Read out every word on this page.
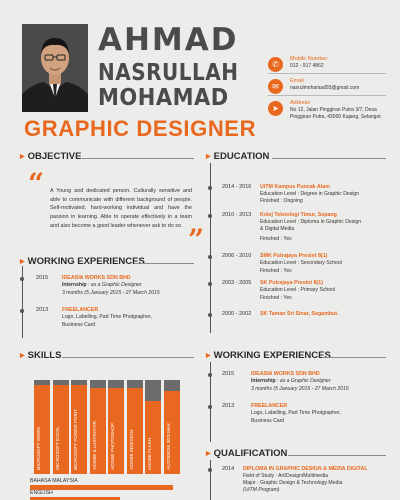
AHMAD
NASRULLAH
MOHAMAD
GRAPHIC DESIGNER
✆
Mobile Number
012 - 917 4862
✉
Email
nasrulmohamad93@gmail.com
➤
Address
No 12, Jalan Pinggiran Putra 3/7, Desa Pinggiran Putra, 43000 Kajang, Selangor.
▶ OBJECTIVE
“ A Young and dedicated person. Culturally sensitive and able to communicate with different background of people. Self-motivated, hard-working individual and have the passion in learning. Able to operate effectively in a team and also become a good leader whenever ask to do so. ”
▶ WORKING EXPERIENCES
2015	IDEASIA WORKS SDN BHD
Internship : as a Graphic Designer
3 months (5 January 2015 - 27 March 2015
2013	FREELANCER
Logo, Labelling, Part Time Photgrapher,
Business Card
▶ EDUCATION
2014 - 2016 UiTM Kampus Puncak Alam
Education Level : Degree in Graphic Design
Finished : Ongoing
2010 - 2013 Kolej Teknologi Timur, Sepang
Education Level : Diploma in Graphic Design
& Digital Media
Finished : Yes
2006 - 2010 SMK Putrajaya Presint 8(1)
Education Level : Secondary School
Finished : Yes
2003 - 2005 SK Putrajaya Presint 8(1)
Education Level : Primary School
Finished : Yes
2000 - 2002 SK Taman Sri Sinar, Segambut.
▶ SKILLS
MICROSOFT WORD	MICROSOFT EXCEL	MICROSOFT POWER POINT	ADOBE ILLUSTRATOR	ADOBE PHOTOSHOP	ADOBE INDESIGN	ADOBE FLASH	AUTODESK 3DS MAX
BAHASA MALAYSIA
ENGLISH
▶ WORKING EXPERIENCES
2015	IDEASIA WORKS SDN BHD
Internship : as a Graphic Designer
3 months (5 January 2015 - 27 March 2015
2013	FREELANCER
Logo, Labelling, Part Time Photgrapher,
Business Card
▶ QUALIFICATION
2014 DIPLOMA IN GRAPHIC DESIGN & MEDIA DIGITAL
Field of Study : Art/Design/Multimedia
Major : Graphic Design & Technology Media
(UiTM Program)
